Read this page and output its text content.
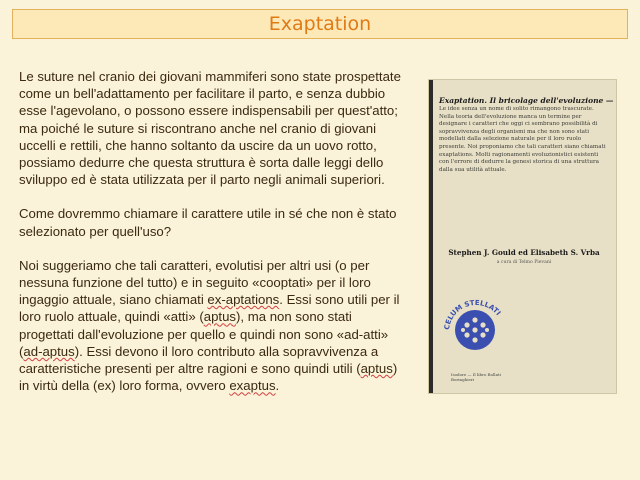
Exaptation

Le suture nel cranio dei giovani mammiferi sono state prospettate come un bell'adattamento per facilitare il parto, e senza dubbio esse l'agevolano, o possono essere indispensabili per quest'atto; ma poiché le suture si riscontrano anche nel cranio di giovani uccelli e rettili, che hanno soltanto da uscire da un uovo rotto, possiamo dedurre che questa struttura è sorta dalle leggi dello sviluppo ed è stata utilizzata per il parto negli animali superiori.

Come dovremmo chiamare il carattere utile in sé che non è stato selezionato per quell'uso?

Noi suggeriamo che tali caratteri, evolutisi per altri usi (o per nessuna funzione del tutto) e in seguito «cooptati» per il loro ingaggio attuale, siano chiamati ex-aptations. Essi sono utili per il loro ruolo attuale, quindi «atti» (aptus), ma non sono stati progettati dall'evoluzione per quello e quindi non sono «ad-atti» (ad-aptus). Essi devono il loro contributo alla sopravvivenza a caratteristiche presenti per altre ragioni e sono quindi utili (aptus) in virtù della (ex) loro forma, ovvero exaptus.

Exaptation. Il bricolage dell'evoluzione —
Le idee senza un nome di solito rimangono trascurate. Nella teoria dell'evoluzione manca un termine per designare i caratteri che oggi ci sembrano possibilità di sopravvivenza degli organismi ma che non sono stati modellati dalla selezione naturale per il loro ruolo presente. Noi proponiamo che tali caratteri siano chiamati exaptations. Molti ragionamenti evoluzionistici esistenti con l'errore di dedurre la genesi storica di una struttura dalla sua utilità attuale.
Stephen J. Gould ed Elisabeth S. Vrba
a cura di Telmo Pievani
CELUM STELLATI
Isodore — Il libro Bollati Boringhieri
